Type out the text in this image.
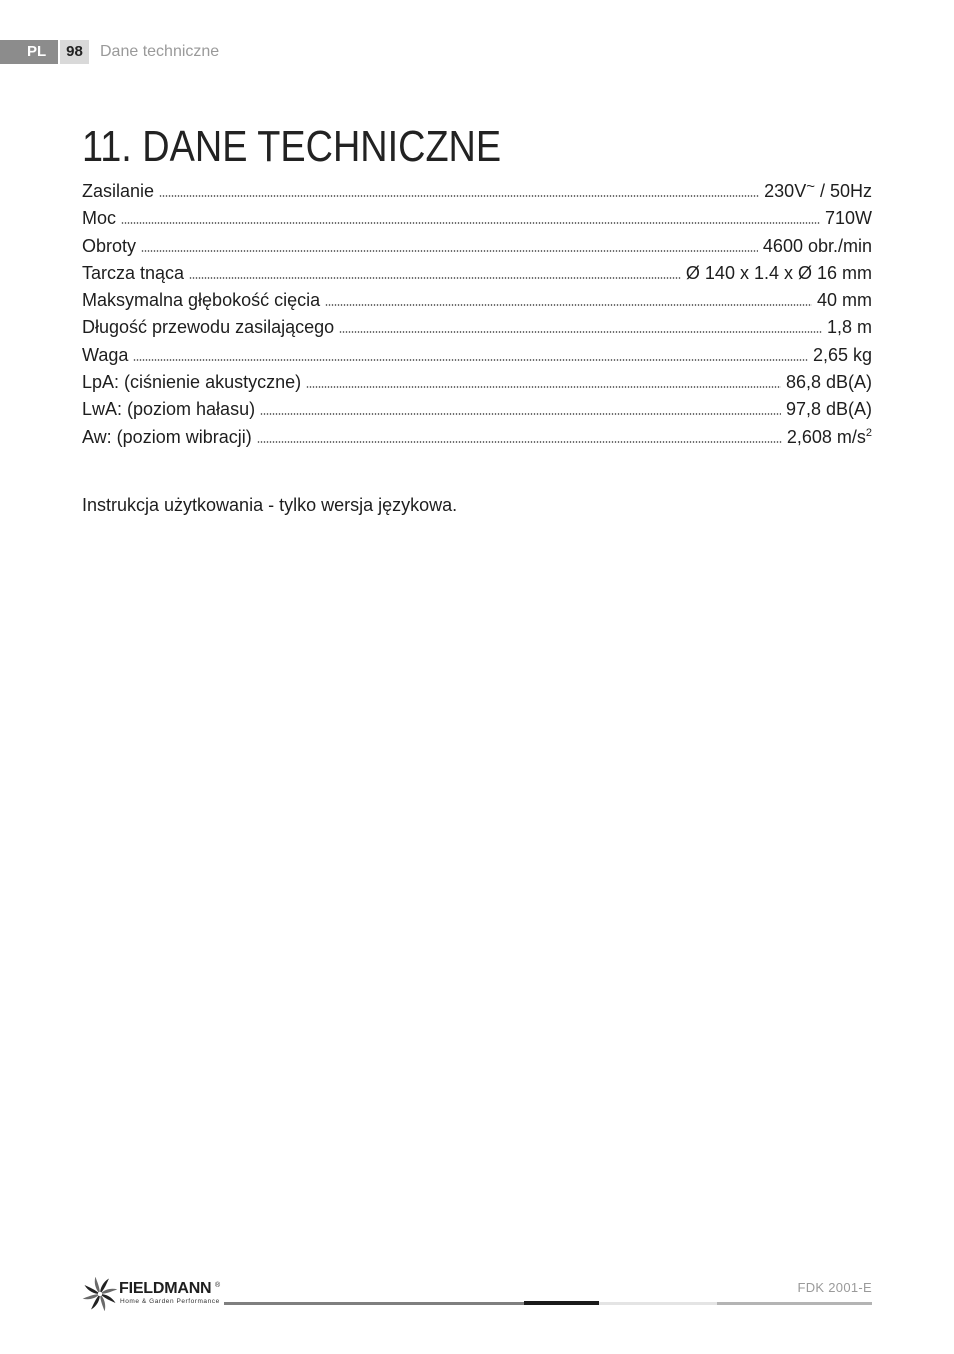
PL	98	Dane techniczne
11. DANE TECHNICZNE
Zasilanie	230V~ / 50Hz
Moc	710W
Obroty	4600 obr./min
Tarcza tnąca	Ø 140 x 1.4 x Ø 16 mm
Maksymalna głębokość cięcia	40 mm
Długość przewodu zasilającego	1,8 m
Waga	2,65 kg
LpA: (ciśnienie akustyczne)	86,8 dB(A)
LwA: (poziom hałasu)	97,8 dB(A)
Aw: (poziom wibracji)	2,608 $m/s^2$
Instrukcja użytkowania - tylko wersja językowa.
FIELDMANN ®
Home & Garden Performance
FDK 2001-E
